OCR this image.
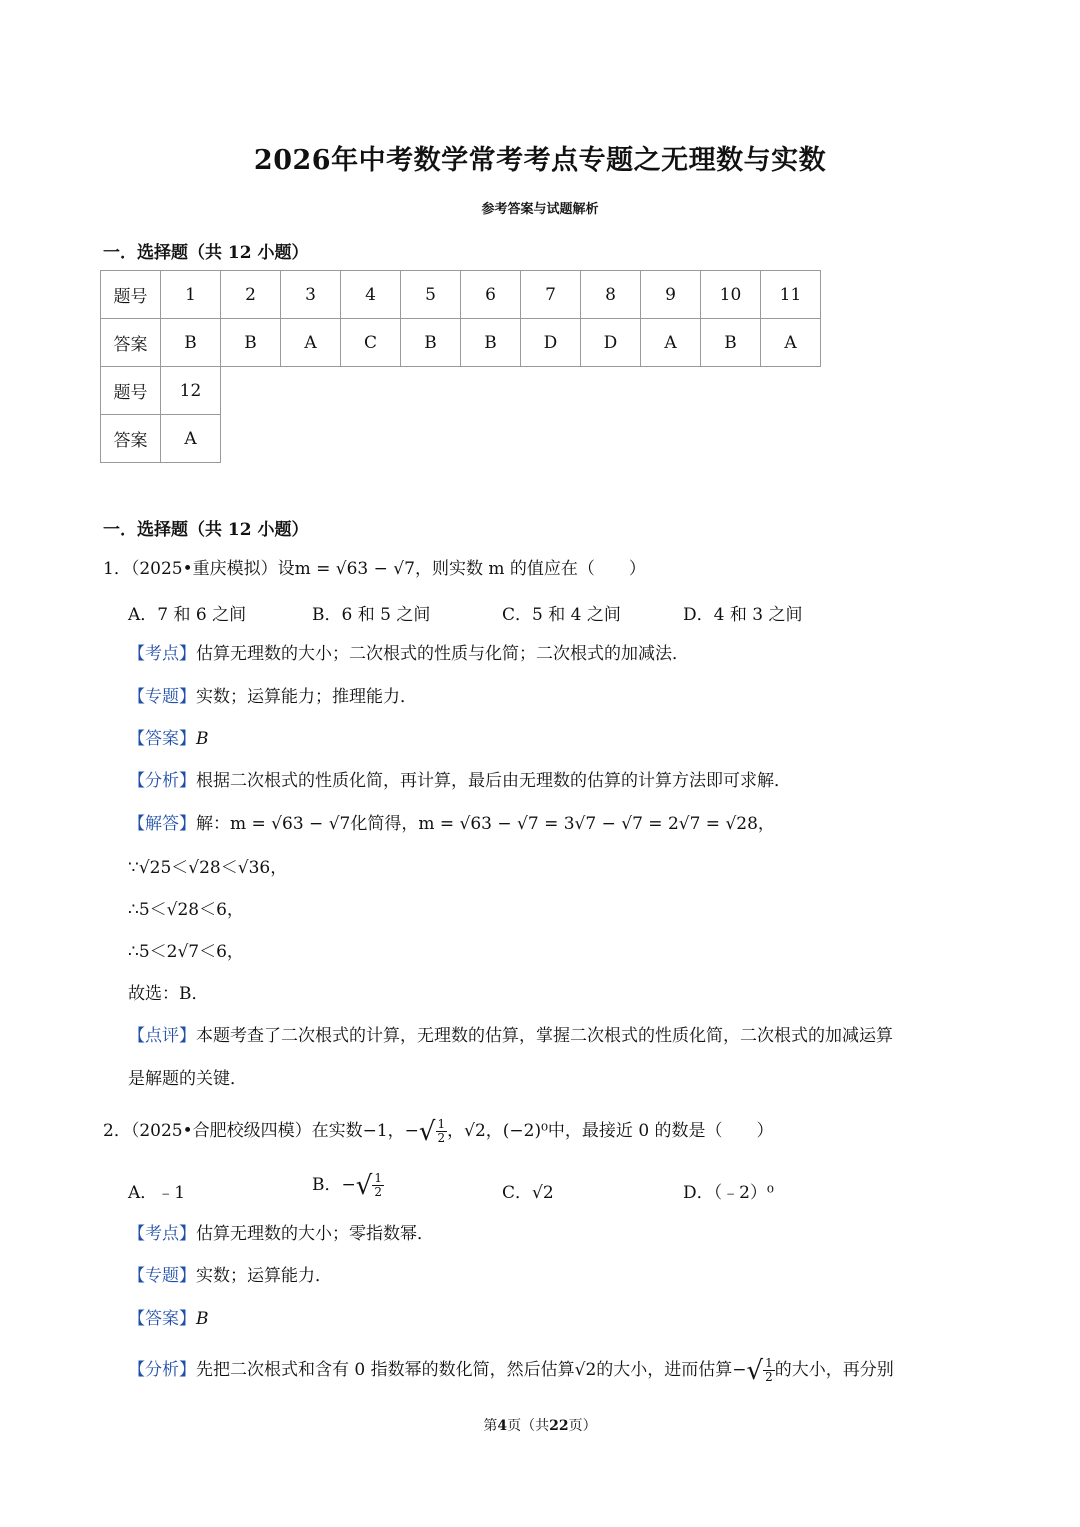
2026年中考数学常考考点专题之无理数与实数
参考答案与试题解析
一．选择题（共 12 小题）
题号	1	2	3	4	5	6	7	8	9	10	11
答案	B	B	A	C	B	B	D	D	A	B	A
题号	12										
答案	A										
一．选择题（共 12 小题）
1．（2025•重庆模拟）设m = √63 − √7，则实数 m 的值应在（　　）
A．7 和 6 之间	B．6 和 5 之间	C．5 和 4 之间	D．4 和 3 之间
【考点】估算无理数的大小；二次根式的性质与化简；二次根式的加减法．
【专题】实数；运算能力；推理能力．
【答案】B
【分析】根据二次根式的性质化简，再计算，最后由无理数的估算的计算方法即可求解．
【解答】解：m = √63 − √7化简得，m = √63 − √7 = 3√7 − √7 = 2√7 = √28，
∵√25＜√28＜√36，
∴5＜√28＜6，
∴5＜2√7＜6，
故选：B．
【点评】本题考查了二次根式的计算，无理数的估算，掌握二次根式的性质化简，二次根式的加减运算
是解题的关键．
2．（2025•合肥校级四模）在实数−1，−√ $\frac{1}{2}$ ，√2，(−2)⁰中，最接近 0 的数是（　　）
A．﹣1	B．−√ $\frac{1}{2}$	C．√2	D．（﹣2）⁰
【考点】估算无理数的大小；零指数幂．
【专题】实数；运算能力．
【答案】B
【分析】先把二次根式和含有 0 指数幂的数化简，然后估算√2的大小，进而估算−√ $\frac{1}{2}$ 的大小，再分别
第4页（共22页）
